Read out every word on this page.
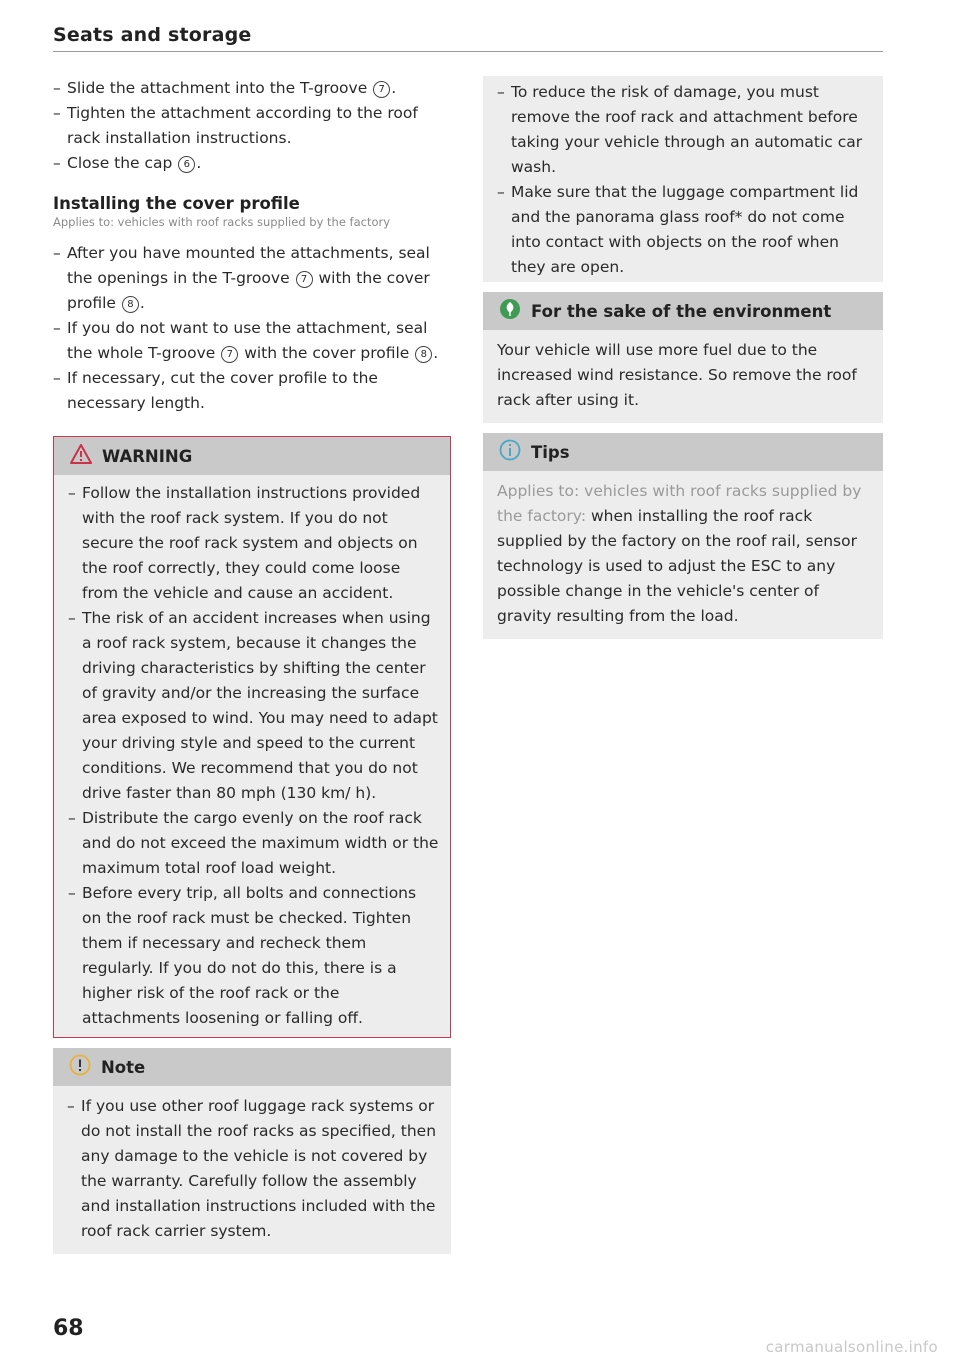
Seats and storage
– Slide the attachment into the T-groove 7 .
– Tighten the attachment according to the roof rack installation instructions.
– Close the cap 6 .
Installing the cover profile
Applies to: vehicles with roof racks supplied by the factory
– After you have mounted the attachments, seal the openings in the T-groove 7 with the cover profile 8 .
– If you do not want to use the attachment, seal the whole T-groove 7 with the cover profile 8 .
– If necessary, cut the cover profile to the necessary length.
WARNING
– Follow the installation instructions provided with the roof rack system. If you do not secure the roof rack system and objects on the roof correctly, they could come loose from the vehicle and cause an accident.
– The risk of an accident increases when using a roof rack system, because it changes the driving characteristics by shifting the center of gravity and/or the increasing the surface area exposed to wind. You may need to adapt your driving style and speed to the current conditions. We recommend that you do not drive faster than 80 mph (130 km/ h).
– Distribute the cargo evenly on the roof rack and do not exceed the maximum width or the maximum total roof load weight.
– Before every trip, all bolts and connections on the roof rack must be checked. Tighten them if necessary and recheck them regularly. If you do not do this, there is a higher risk of the roof rack or the attachments loosening or falling off.
Note
– If you use other roof luggage rack systems or do not install the roof racks as specified, then any damage to the vehicle is not covered by the warranty. Carefully follow the assembly and installation instructions included with the roof rack carrier system.
– To reduce the risk of damage, you must remove the roof rack and attachment before taking your vehicle through an automatic car wash.
– Make sure that the luggage compartment lid and the panorama glass roof* do not come into contact with objects on the roof when they are open.
For the sake of the environment

Your vehicle will use more fuel due to the increased wind resistance. So remove the roof rack after using it.

Tips

Applies to: vehicles with roof racks supplied by the factory: when installing the roof rack supplied by the factory on the roof rail, sensor technology is used to adjust the ESC to any possible change in the vehicle's center of gravity resulting from the load.

68
carmanualsonline.info
